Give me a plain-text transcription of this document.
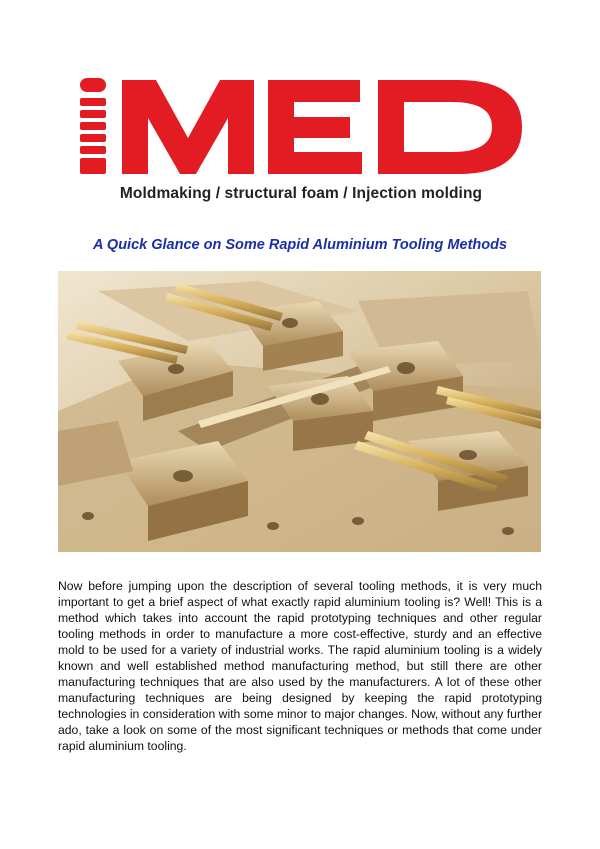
Moldmaking / structural foam / Injection molding
A Quick Glance on Some Rapid Aluminium Tooling Methods

Now before jumping upon the description of several tooling methods, it is very much important to get a brief aspect of what exactly rapid aluminium tooling is? Well! This is a method which takes into account the rapid prototyping techniques and other regular tooling methods in order to manufacture a more cost-effective, sturdy and an effective mold to be used for a variety of industrial works. The rapid aluminium tooling is a widely known and well established method manufacturing method, but still there are other manufacturing techniques that are also used by the manufacturers. A lot of these other manufacturing techniques are being designed by keeping the rapid prototyping technologies in consideration with some minor to major changes. Now, without any further ado, take a look on some of the most significant techniques or methods that come under rapid aluminium tooling.
